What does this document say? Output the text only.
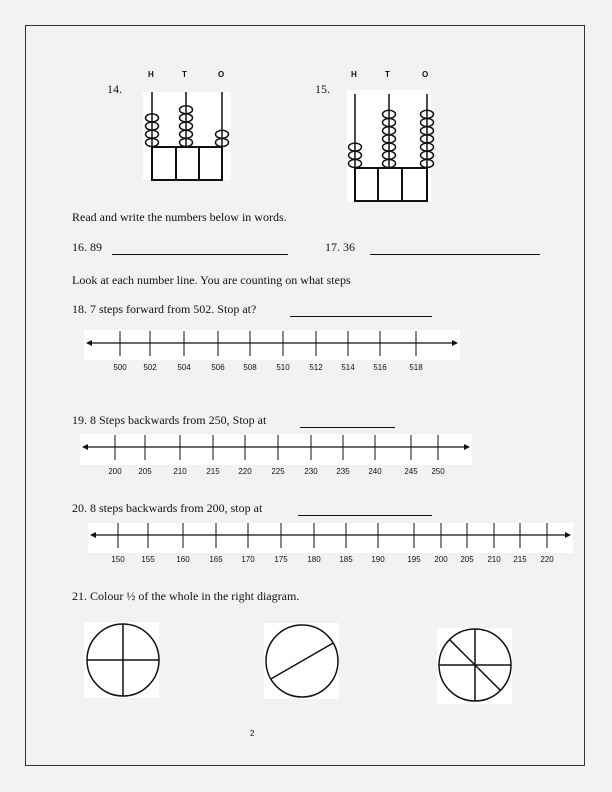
14.
H	T	O
15.
H	T	O
500 502	504	506 508 510 512 514 516	518
200 205	210 215 220 225 230 235 240	245 250
150 155	160 165 170 175 180 185 190	195 200 205 210 215 220
Read and write the numbers below in words.
16. 89	17. 36
Look at each number line. You are counting on what steps
18. 7 steps forward from 502. Stop at?
19. 8 Steps backwards from 250, Stop at
20. 8 steps backwards from 200, stop at
21. Colour ½ of the whole in the right diagram.
2
